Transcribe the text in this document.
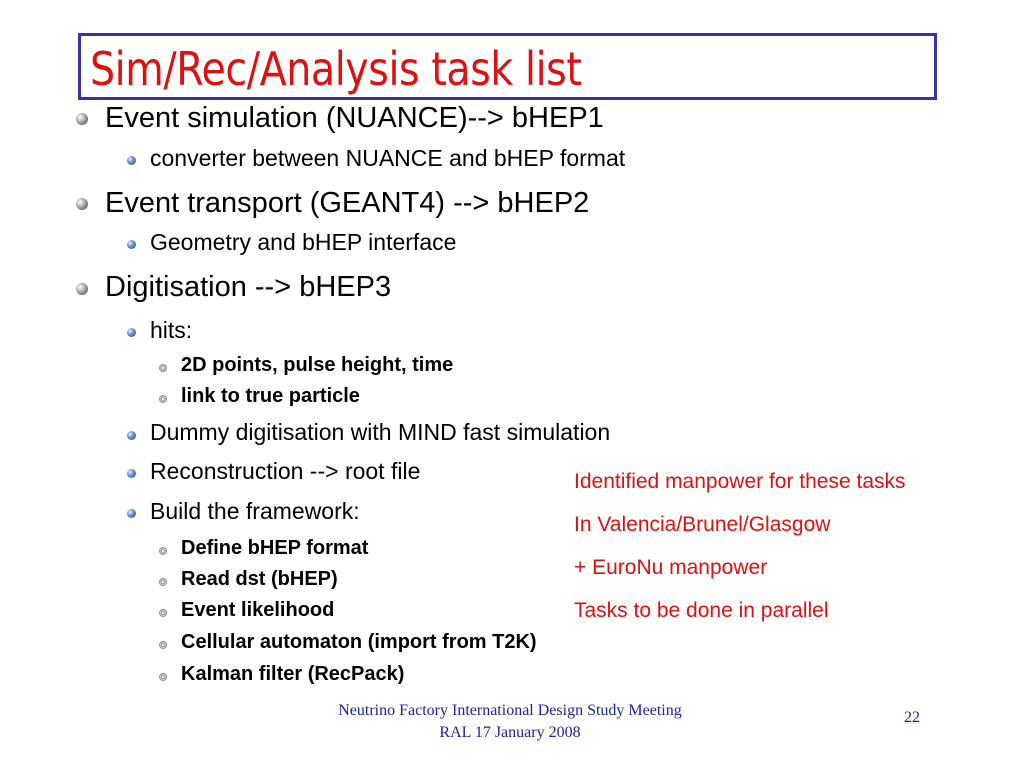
Sim/Rec/Analysis task list
Event simulation (NUANCE)--> bHEP1
converter between NUANCE and bHEP format
Event transport (GEANT4) --> bHEP2
Geometry and bHEP interface
Digitisation --> bHEP3
hits:
2D points, pulse height, time
link to true particle
Dummy digitisation with MIND fast simulation
Reconstruction --> root file
Build the framework:
Define bHEP format
Read dst (bHEP)
Event likelihood
Cellular automaton (import from T2K)
Kalman filter (RecPack)
Identified manpower for these tasks
In Valencia/Brunel/Glasgow
+ EuroNu manpower
Tasks to be done in parallel
Neutrino Factory International Design Study Meeting
RAL 17 January 2008
22
